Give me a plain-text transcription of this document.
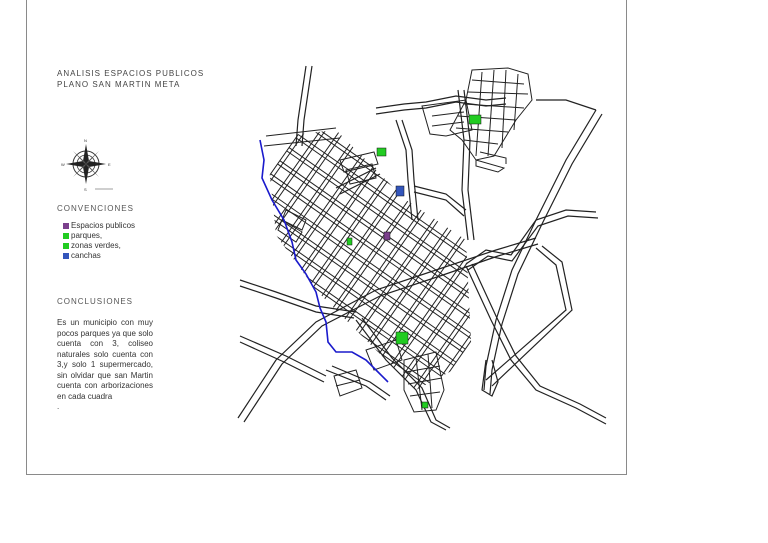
ANALISIS ESPACIOS PUBLICOS
PLANO SAN MARTIN META
N
S
W	E
CONVENCIONES
Espacios publicos
parques,
zonas verdes,
canchas
CONCLUSIONES
Es un municipio con muy pocos parques ya que solo cuenta con 3, coliseo naturales solo cuenta con 3,y solo 1 supermercado, sin olvidar que san Martin cuenta con arborizaciones en cada cuadra
.
